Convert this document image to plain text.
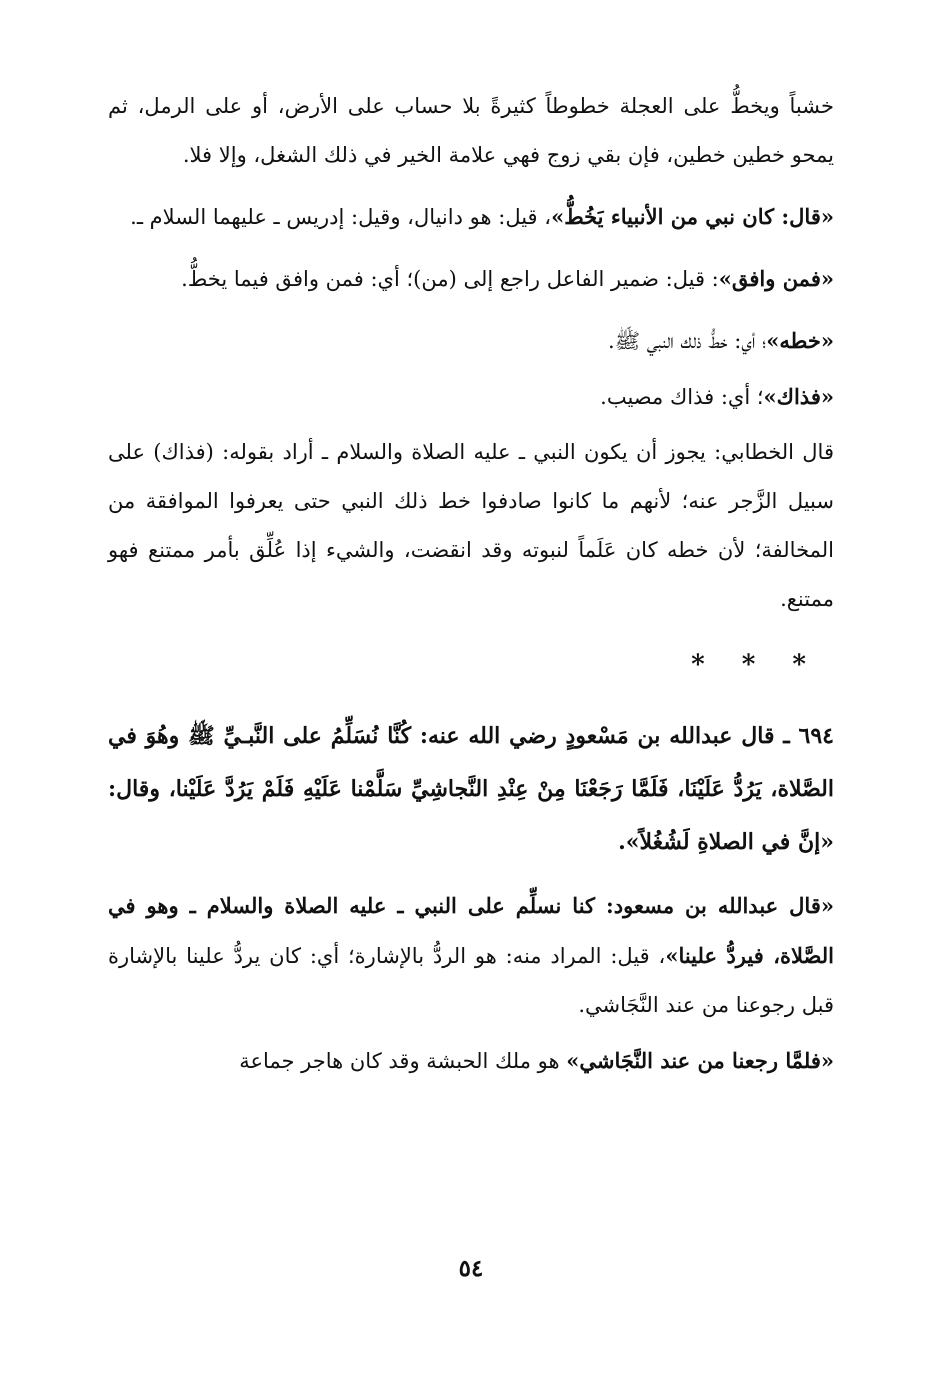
خشباً ويخطُّ على العجلة خطوطاً كثيرةً بلا حساب على الأرض، أو على الرمل، ثم يمحو خطين خطين، فإن بقي زوج فهي علامة الخير في ذلك الشغل، وإلا فلا.

«قال: كان نبي من الأنبياء يَخُطُّ»، قيل: هو دانيال، وقيل: إدريس ـ عليهما السلام ـ.

«فمن وافق»: قيل: ضمير الفاعل راجع إلى (من)؛ أي: فمن وافق فيما يخطُّ.

«خطه»؛ أي: خطُّ ذلك النبي ﷺ.

«فذاك»؛ أي: فذاك مصيب.

قال الخطابي: يجوز أن يكون النبي ـ عليه الصلاة والسلام ـ أراد بقوله: (فذاك) على سبيل الزَّجر عنه؛ لأنهم ما كانوا صادفوا خط ذلك النبي حتى يعرفوا الموافقة من المخالفة؛ لأن خطه كان عَلَماً لنبوته وقد انقضت، والشيء إذا عُلِّق بأمر ممتنع فهو ممتنع.

* * *

٦٩٤ ـ قال عبدالله بن مَسْعودٍ رضي الله عنه: كُنَّا نُسَلِّمُ على النَّبـيِّ ﷺ وهُوَ في الصَّلاة، يَرُدُّ عَلَيْنَا، فَلَمَّا رَجَعْنَا مِنْ عِنْدِ النَّجاشِيِّ سَلَّمْنا عَلَيْهِ فَلَمْ يَرُدَّ عَلَيْنا، وقال: «إنَّ في الصلاةِ لَشُغُلاً».

«قال عبدالله بن مسعود: كنا نسلِّم على النبي ـ عليه الصلاة والسلام ـ وهو في الصَّلاة، فيردُّ علينا»، قيل: المراد منه: هو الردُّ بالإشارة؛ أي: كان يردُّ علينا بالإشارة قبل رجوعنا من عند النَّجَاشي.

«فلمَّا رجعنا من عند النَّجَاشي» هو ملك الحبشة وقد كان هاجر جماعة

٥٤
